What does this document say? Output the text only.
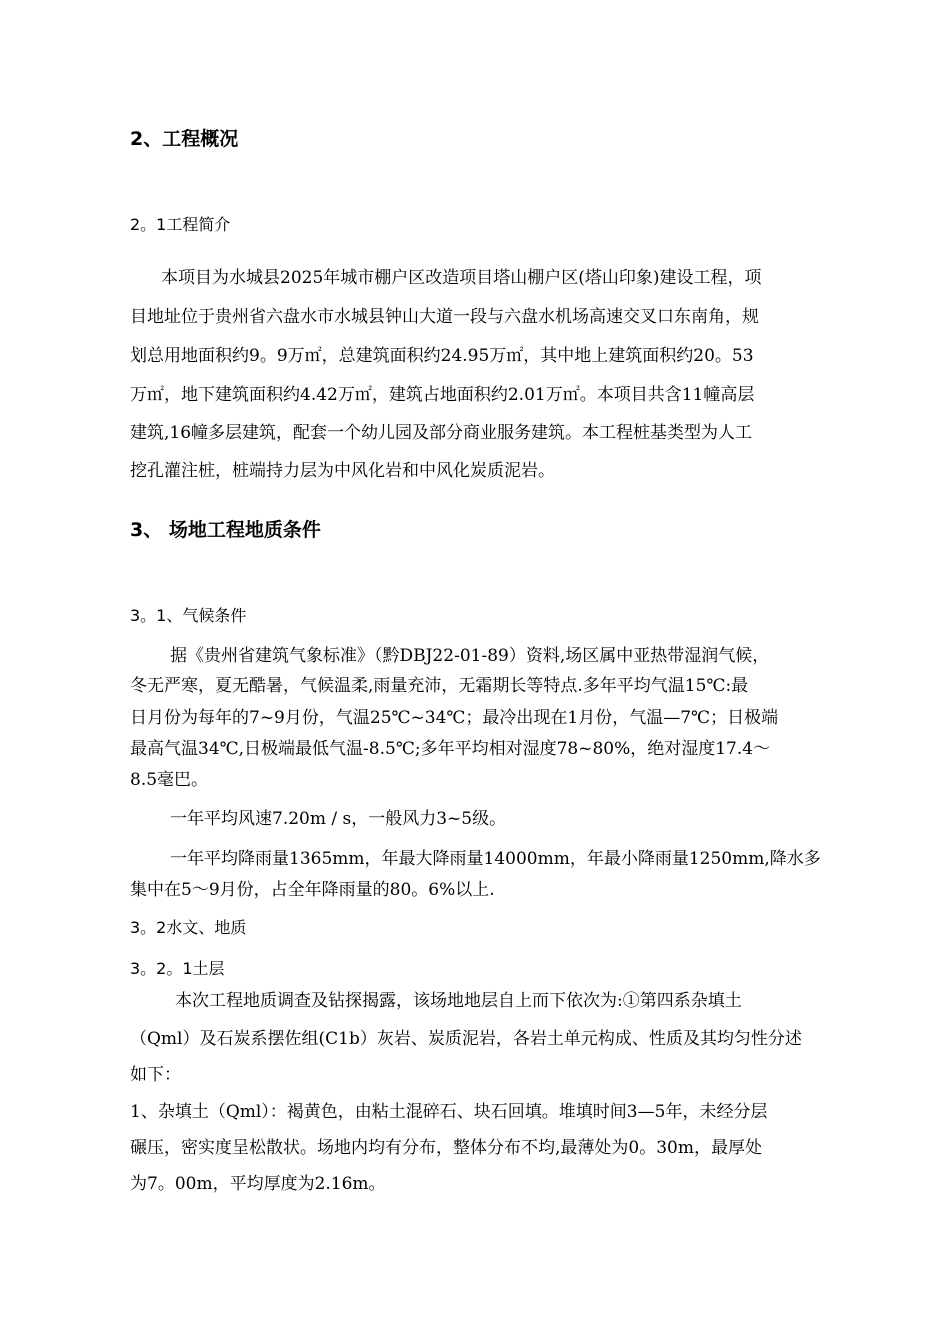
2、工程概况
2。1工程简介
本项目为水城县2025年城市棚户区改造项目塔山棚户区(塔山印象)建设工程，项
目地址位于贵州省六盘水市水城县钟山大道一段与六盘水机场高速交叉口东南角，规
划总用地面积约9。9万㎡，总建筑面积约24.95万㎡，其中地上建筑面积约20。53
万㎡，地下建筑面积约4.42万㎡，建筑占地面积约2.01万㎡。本项目共含11幢高层
建筑,16幢多层建筑，配套一个幼儿园及部分商业服务建筑。本工程桩基类型为人工
挖孔灌注桩，桩端持力层为中风化岩和中风化炭质泥岩。
3、 场地工程地质条件
3。1、气候条件
据《贵州省建筑气象标准》（黔DBJ22-01-89）资料,场区属中亚热带湿润气候，
冬无严寒，夏无酷暑，气候温柔,雨量充沛，无霜期长等特点.多年平均气温15℃:最
日月份为每年的7~9月份，气温25℃~34℃；最冷出现在1月份，气温—7℃；日极端
最高气温34℃,日极端最低气温-8.5℃;多年平均相对湿度78~80%，绝对湿度17.4～
8.5毫巴。
一年平均风速7.20m / s，一般风力3~5级。
一年平均降雨量1365mm，年最大降雨量14000mm，年最小降雨量1250mm,降水多
集中在5～9月份，占全年降雨量的80。6%以上.
3。2水文、地质
3。2。1土层
本次工程地质调查及钻探揭露，该场地地层自上而下依次为:①第四系杂填土
（Qml）及石炭系摆佐组(C1b）灰岩、炭质泥岩，各岩土单元构成、性质及其均匀性分述
如下：
1、杂填土（Qml）：褐黄色，由粘土混碎石、块石回填。堆填时间3—5年，未经分层
碾压，密实度呈松散状。场地内均有分布，整体分布不均,最薄处为0。30m，最厚处
为7。00m，平均厚度为2.16m。
